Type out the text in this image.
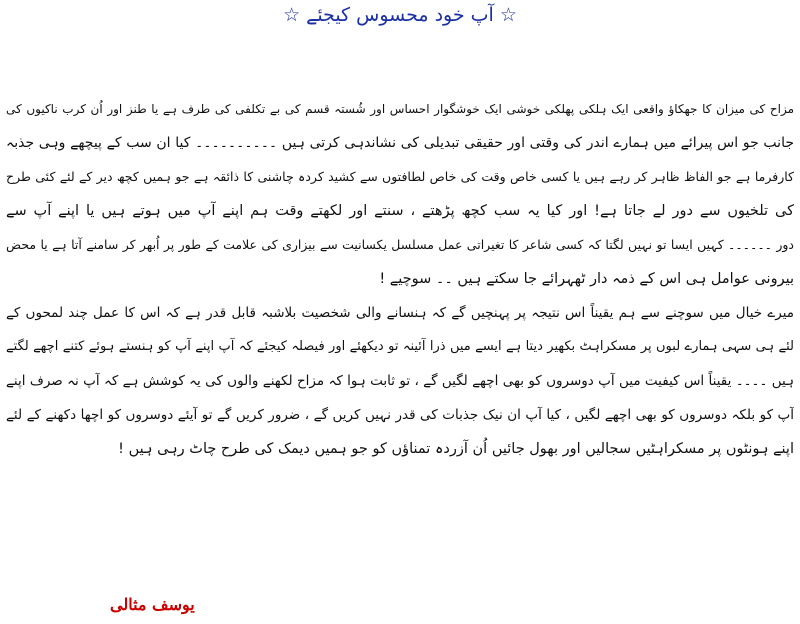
☆ آپ خود محسوس کیجئے ☆
مزاح کی میزان کا جھکاؤ واقعی ایک ہلکی پھلکی خوشی ایک خوشگوار احساس اور شُستہ قسم کی بے تکلفی کی طرف ہے یا طنز اور اُن کرب ناکیوں کی
جانب جو اس پیرائے میں ہمارے اندر کی وقتی اور حقیقی تبدیلی کی نشاندہی کرتی ہیں ۔۔۔۔۔۔۔۔۔۔ کیا ان سب کے پیچھے وہی جذبہ
کارفرما ہے جو الفاظ ظاہر کر رہے ہیں یا کسی خاص وقت کی خاص لطافتوں سے کشید کردہ چاشنی کا ذائقہ ہے جو ہمیں کچھ دیر کے لئے کئی طرح
کی تلخیوں سے دور لے جاتا ہے! اور کیا یہ سب کچھ پڑھتے ، سنتے اور لکھتے وقت ہم اپنے آپ میں ہوتے ہیں یا اپنے آپ سے
دور ۔۔۔۔۔۔ کہیں ایسا تو نہیں لگتا کہ کسی شاعر کا تغیراتی عمل مسلسل یکسانیت سے بیزاری کی علامت کے طور پر اُبھر کر سامنے آتا ہے یا محض
بیرونی عوامل ہی اس کے ذمہ دار ٹھہرائے جا سکتے ہیں ۔۔ سوچیے !
میرے خیال میں سوچنے سے ہم یقیناً اس نتیجہ پر پہنچیں گے کہ ہنسانے والی شخصیت بلاشبہ قابل قدر ہے کہ اس کا عمل چند لمحوں کے
لئے ہی سہی ہمارے لبوں پر مسکراہٹ بکھیر دیتا ہے ایسے میں ذرا آئینہ تو دیکھئے اور فیصلہ کیجئے کہ آپ اپنے آپ کو ہنستے ہوئے کتنے اچھے لگتے
ہیں ۔۔۔۔ یقیناً اس کیفیت میں آپ دوسروں کو بھی اچھے لگیں گے ، تو ثابت ہوا کہ مزاح لکھنے والوں کی یہ کوشش ہے کہ آپ نہ صرف اپنے
آپ کو بلکہ دوسروں کو بھی اچھے لگیں ، کیا آپ ان نیک جذبات کی قدر نہیں کریں گے ، ضرور کریں گے تو آیئے دوسروں کو اچھا دکھنے کے لئے
اپنے ہونٹوں پر مسکراہٹیں سجالیں اور بھول جائیں اُن آزردہ تمناؤں کو جو ہمیں دیمک کی طرح چاٹ رہی ہیں !
یوسف مثالی
